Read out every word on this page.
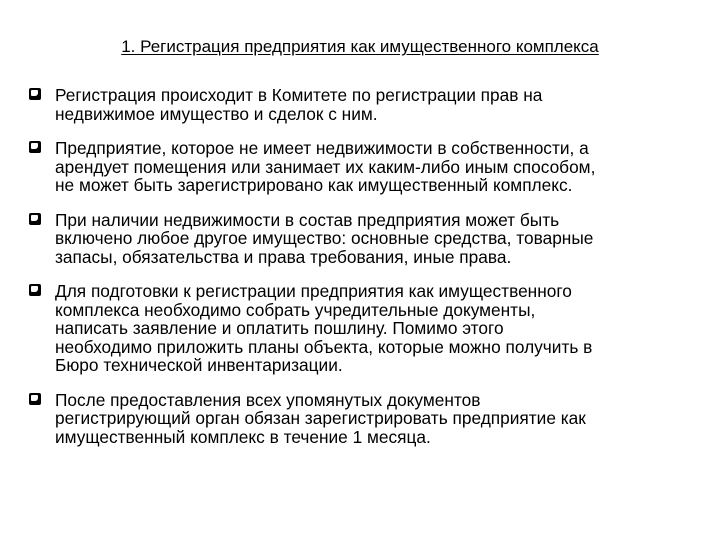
1. Регистрация предприятия как имущественного комплекса
Регистрация происходит в Комитете по регистрации прав на
недвижимое имущество и сделок с ним.
Предприятие, которое не имеет недвижимости в собственности, а
арендует помещения или занимает их каким-либо иным способом,
не может быть зарегистрировано как имущественный комплекс.
При наличии недвижимости в состав предприятия может быть
включено любое другое имущество: основные средства, товарные
запасы, обязательства и права требования, иные права.
Для подготовки к регистрации предприятия как имущественного
комплекса необходимо собрать учредительные документы,
написать заявление и оплатить пошлину. Помимо этого
необходимо приложить планы объекта, которые можно получить в
Бюро технической инвентаризации.
После предоставления всех упомянутых документов
регистрирующий орган обязан зарегистрировать предприятие как
имущественный комплекс в течение 1 месяца.
